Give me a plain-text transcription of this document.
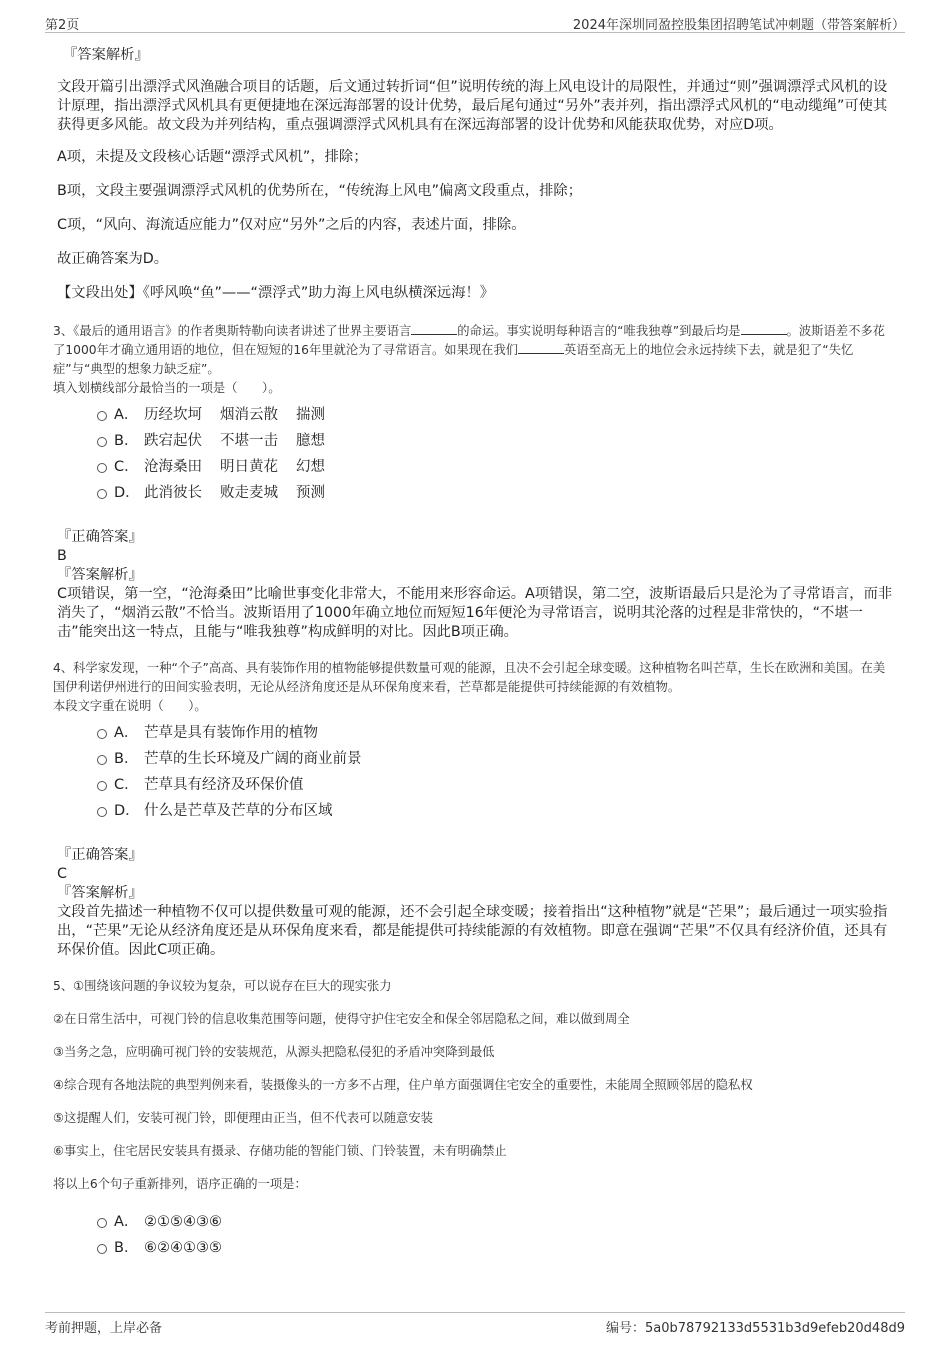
第2页	2024年深圳同盈控股集团招聘笔试冲刺题（带答案解析）

『答案解析』

文段开篇引出漂浮式风渔融合项目的话题，后文通过转折词“但”说明传统的海上风电设计的局限性，并通过“则”强调漂浮式风机的设计原理，指出漂浮式风机具有更便捷地在深远海部署的设计优势，最后尾句通过“另外”表并列，指出漂浮式风机的“电动缆绳”可使其获得更多风能。故文段为并列结构，重点强调漂浮式风机具有在深远海部署的设计优势和风能获取优势，对应D项。

A项，未提及文段核心话题“漂浮式风机”，排除；

B项，文段主要强调漂浮式风机的优势所在，“传统海上风电”偏离文段重点，排除；

C项，“风向、海流适应能力”仅对应“另外”之后的内容，表述片面，排除。

故正确答案为D。

【文段出处】《呼风唤“鱼”——“漂浮式”助力海上风电纵横深远海！》

3、《最后的通用语言》的作者奥斯特勒向读者讲述了世界主要语言	的命运。事实说明每种语言的“唯我独尊”到最后均是	。波斯语差不多花了1000年才确立通用语的地位，但在短短的16年里就沦为了寻常语言。如果现在我们	英语至高无上的地位会永远持续下去，就是犯了“失忆症”与“典型的想象力缺乏症”。

填入划横线部分最恰当的一项是（　　）。

A． 历经坎坷 烟消云散 揣测
B． 跌宕起伏 不堪一击 臆想
C． 沧海桑田 明日黄花 幻想
D． 此消彼长 败走麦城 预测

『正确答案』

B

『答案解析』

C项错误，第一空，“沧海桑田”比喻世事变化非常大，不能用来形容命运。A项错误，第二空，波斯语最后只是沦为了寻常语言，而非消失了，“烟消云散”不恰当。波斯语用了1000年确立地位而短短16年便沦为寻常语言，说明其沦落的过程是非常快的，“不堪一击”能突出这一特点，且能与“唯我独尊”构成鲜明的对比。因此B项正确。

4、科学家发现，一种“个子”高高、具有装饰作用的植物能够提供数量可观的能源，且决不会引起全球变暖。这种植物名叫芒草，生长在欧洲和美国。在美国伊利诺伊州进行的田间实验表明，无论从经济角度还是从环保角度来看，芒草都是能提供可持续能源的有效植物。

本段文字重在说明（　　）。

A． 芒草是具有装饰作用的植物
B． 芒草的生长环境及广阔的商业前景
C． 芒草具有经济及环保价值
D． 什么是芒草及芒草的分布区域

『正确答案』

C

『答案解析』

文段首先描述一种植物不仅可以提供数量可观的能源，还不会引起全球变暖；接着指出“这种植物”就是“芒果”；最后通过一项实验指出，“芒果”无论从经济角度还是从环保角度来看，都是能提供可持续能源的有效植物。即意在强调“芒果”不仅具有经济价值，还具有环保价值。因此C项正确。

5、①围绕该问题的争议较为复杂，可以说存在巨大的现实张力

②在日常生活中，可视门铃的信息收集范围等问题，使得守护住宅安全和保全邻居隐私之间，难以做到周全

③当务之急，应明确可视门铃的安装规范，从源头把隐私侵犯的矛盾冲突降到最低

④综合现有各地法院的典型判例来看，装摄像头的一方多不占理，住户单方面强调住宅安全的重要性，未能周全照顾邻居的隐私权

⑤这提醒人们，安装可视门铃，即便理由正当，但不代表可以随意安装

⑥事实上，住宅居民安装具有摄录、存储功能的智能门锁、门铃装置，未有明确禁止

将以上6个句子重新排列，语序正确的一项是：

A． ②①⑤④③⑥
B． ⑥②④①③⑤
考前押题，上岸必备	编号：5a0b78792133d5531b3d9efeb20d48d9
